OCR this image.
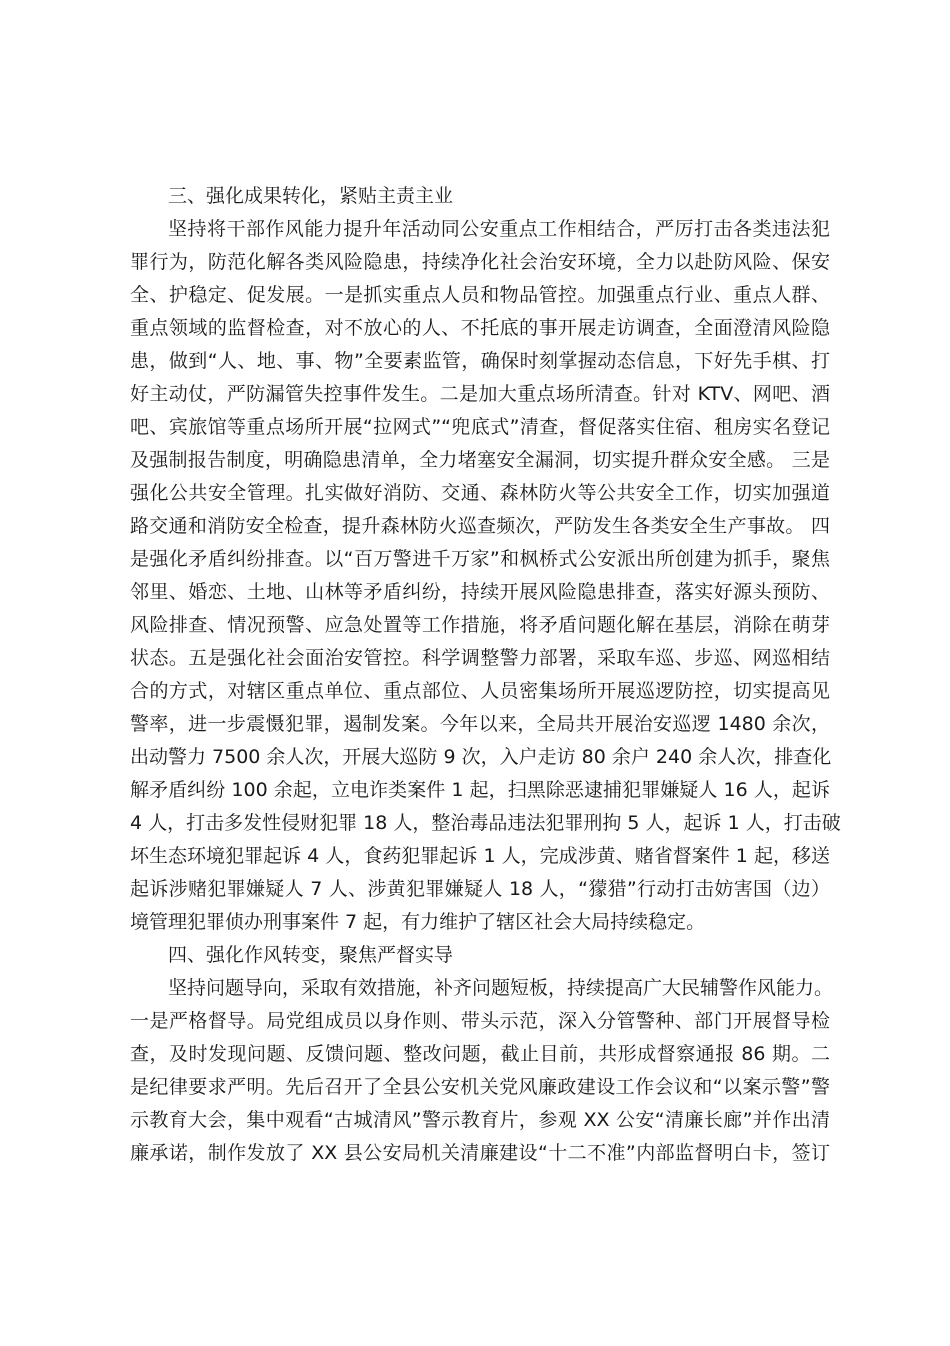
三、强化成果转化，紧贴主责主业
坚持将干部作风能力提升年活动同公安重点工作相结合，严厉打击各类违法犯
罪行为，防范化解各类风险隐患，持续净化社会治安环境，全力以赴防风险、保安
全、护稳定、促发展。一是抓实重点人员和物品管控。加强重点行业、重点人群、
重点领域的监督检查，对不放心的人、不托底的事开展走访调查，全面澄清风险隐
患，做到“人、地、事、物”全要素监管，确保时刻掌握动态信息，下好先手棋、打
好主动仗，严防漏管失控事件发生。二是加大重点场所清查。针对 KTV、网吧、酒
吧、宾旅馆等重点场所开展“拉网式”“兜底式”清查，督促落实住宿、租房实名登记
及强制报告制度，明确隐患清单，全力堵塞安全漏洞，切实提升群众安全感。 三是
强化公共安全管理。扎实做好消防、交通、森林防火等公共安全工作，切实加强道
路交通和消防安全检查，提升森林防火巡查频次，严防发生各类安全生产事故。 四
是强化矛盾纠纷排查。以“百万警进千万家”和枫桥式公安派出所创建为抓手，聚焦
邻里、婚恋、土地、山林等矛盾纠纷，持续开展风险隐患排查，落实好源头预防、
风险排查、情况预警、应急处置等工作措施，将矛盾问题化解在基层，消除在萌芽
状态。五是强化社会面治安管控。科学调整警力部署，采取车巡、步巡、网巡相结
合的方式，对辖区重点单位、重点部位、人员密集场所开展巡逻防控，切实提高见
警率，进一步震慑犯罪，遏制发案。今年以来，全局共开展治安巡逻 1480 余次，
出动警力 7500 余人次，开展大巡防 9 次，入户走访 80 余户 240 余人次，排查化
解矛盾纠纷 100 余起，立电诈类案件 1 起，扫黑除恶逮捕犯罪嫌疑人 16 人，起诉
4 人，打击多发性侵财犯罪 18 人，整治毒品违法犯罪刑拘 5 人，起诉 1 人，打击破
坏生态环境犯罪起诉 4 人，食药犯罪起诉 1 人，完成涉黄、赌省督案件 1 起，移送
起诉涉赌犯罪嫌疑人 7 人、涉黄犯罪嫌疑人 18 人，“獴猎”行动打击妨害国（边）
境管理犯罪侦办刑事案件 7 起，有力维护了辖区社会大局持续稳定。
四、强化作风转变，聚焦严督实导
坚持问题导向，采取有效措施，补齐问题短板，持续提高广大民辅警作风能力。
一是严格督导。局党组成员以身作则、带头示范，深入分管警种、部门开展督导检
查，及时发现问题、反馈问题、整改问题，截止目前，共形成督察通报 86 期。二
是纪律要求严明。先后召开了全县公安机关党风廉政建设工作会议和“以案示警”警
示教育大会，集中观看“古城清风”警示教育片，参观 XX 公安“清廉长廊”并作出清
廉承诺，制作发放了 XX 县公安局机关清廉建设“十二不准”内部监督明白卡，签订
